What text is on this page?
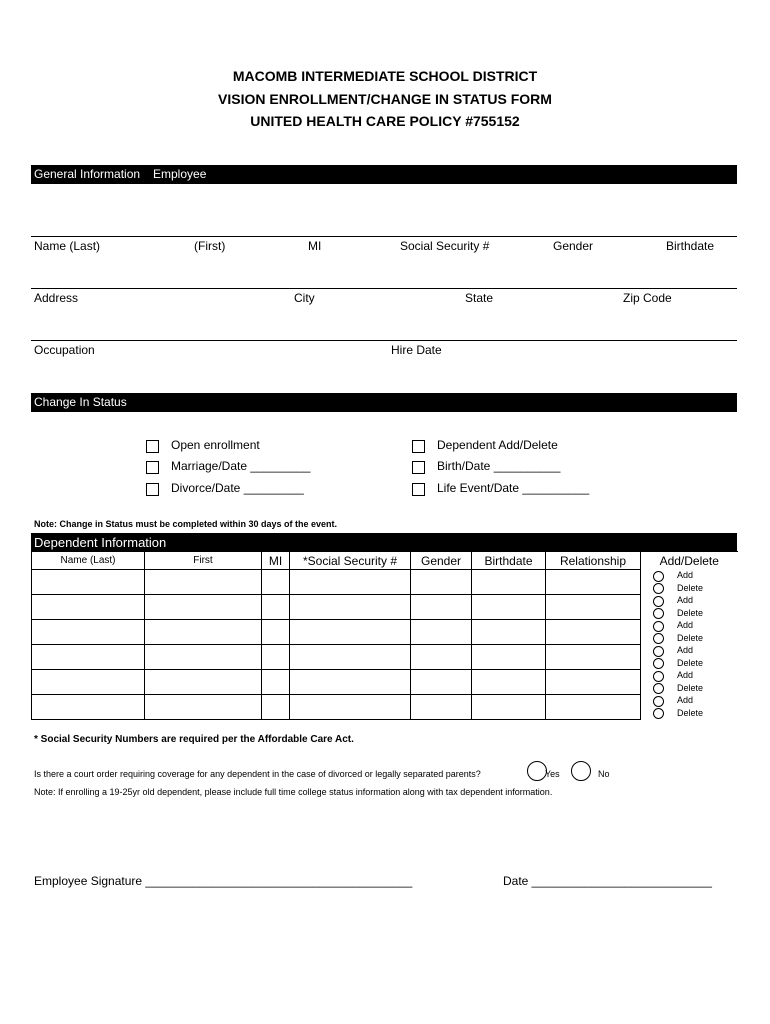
MACOMB INTERMEDIATE SCHOOL DISTRICT
VISION ENROLLMENT/CHANGE IN STATUS FORM
UNITED HEALTH CARE POLICY #755152
General Information Employee
Name (Last)	(First)	MI	Social Security #	Gender	Birthdate
Address	City	State	Zip Code
Occupation	Hire Date
Change In Status
Open enrollment
Marriage/Date _________
Divorce/Date _________
Dependent Add/Delete
Birth/Date __________
Life Event/Date __________
Note: Change in Status must be completed within 30 days of the event.
Dependent Information
Name (Last)	First	MI	*Social Security #	Gender	Birthdate	Relationship	Add/Delete

							Add
Delete

							Add
Delete

							Add
Delete

							Add
Delete

							Add
Delete

							Add
Delete
* Social Security Numbers are required per the Affordable Care Act.
Is there a court order requiring coverage for any dependent in the case of divorced or legally separated parents?	Yes	No
Note: If enrolling a 19-25yr old dependent, please include full time college status information along with tax dependent information.
Employee Signature ________________________________________	Date ___________________________
